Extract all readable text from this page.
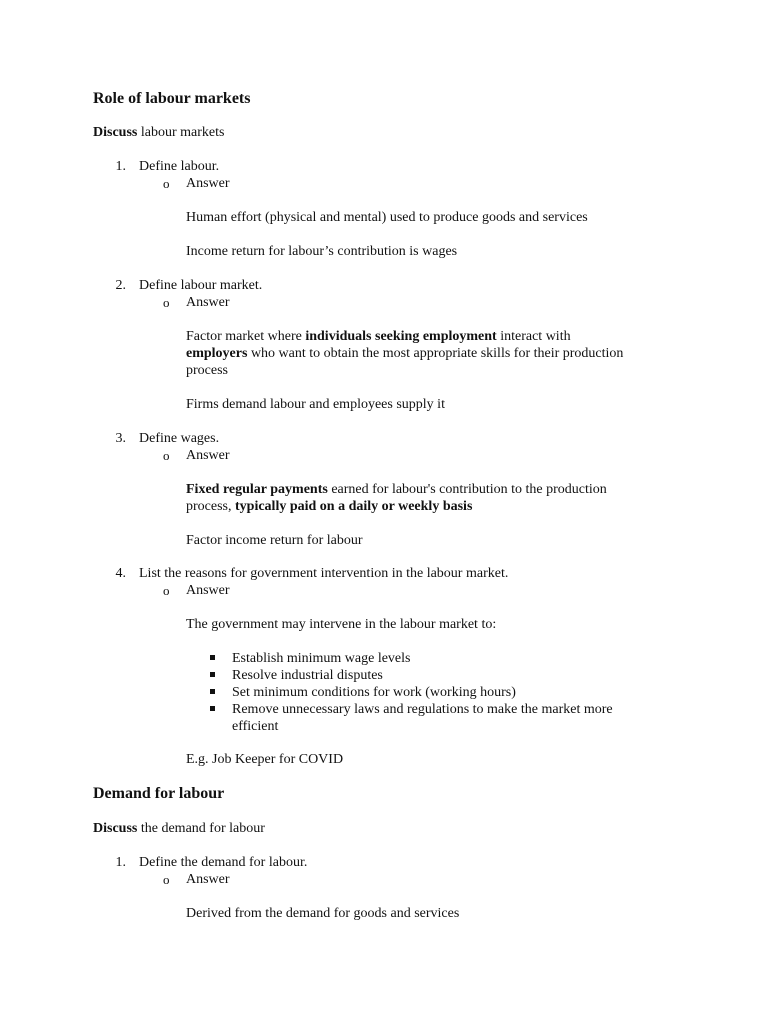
Role of labour markets
Discuss labour markets
1. Define labour.
o Answer
Human effort (physical and mental) used to produce goods and services
Income return for labour’s contribution is wages
2. Define labour market.
o Answer
Factor market where individuals seeking employment interact with
employers who want to obtain the most appropriate skills for their production
process
Firms demand labour and employees supply it
3. Define wages.
o Answer
Fixed regular payments earned for labour's contribution to the production
process, typically paid on a daily or weekly basis
Factor income return for labour
4. List the reasons for government intervention in the labour market.
o Answer
The government may intervene in the labour market to:
Establish minimum wage levels
Resolve industrial disputes
Set minimum conditions for work (working hours)
Remove unnecessary laws and regulations to make the market more
efficient
E.g. Job Keeper for COVID
Demand for labour
Discuss the demand for labour
1. Define the demand for labour.
o Answer
Derived from the demand for goods and services
